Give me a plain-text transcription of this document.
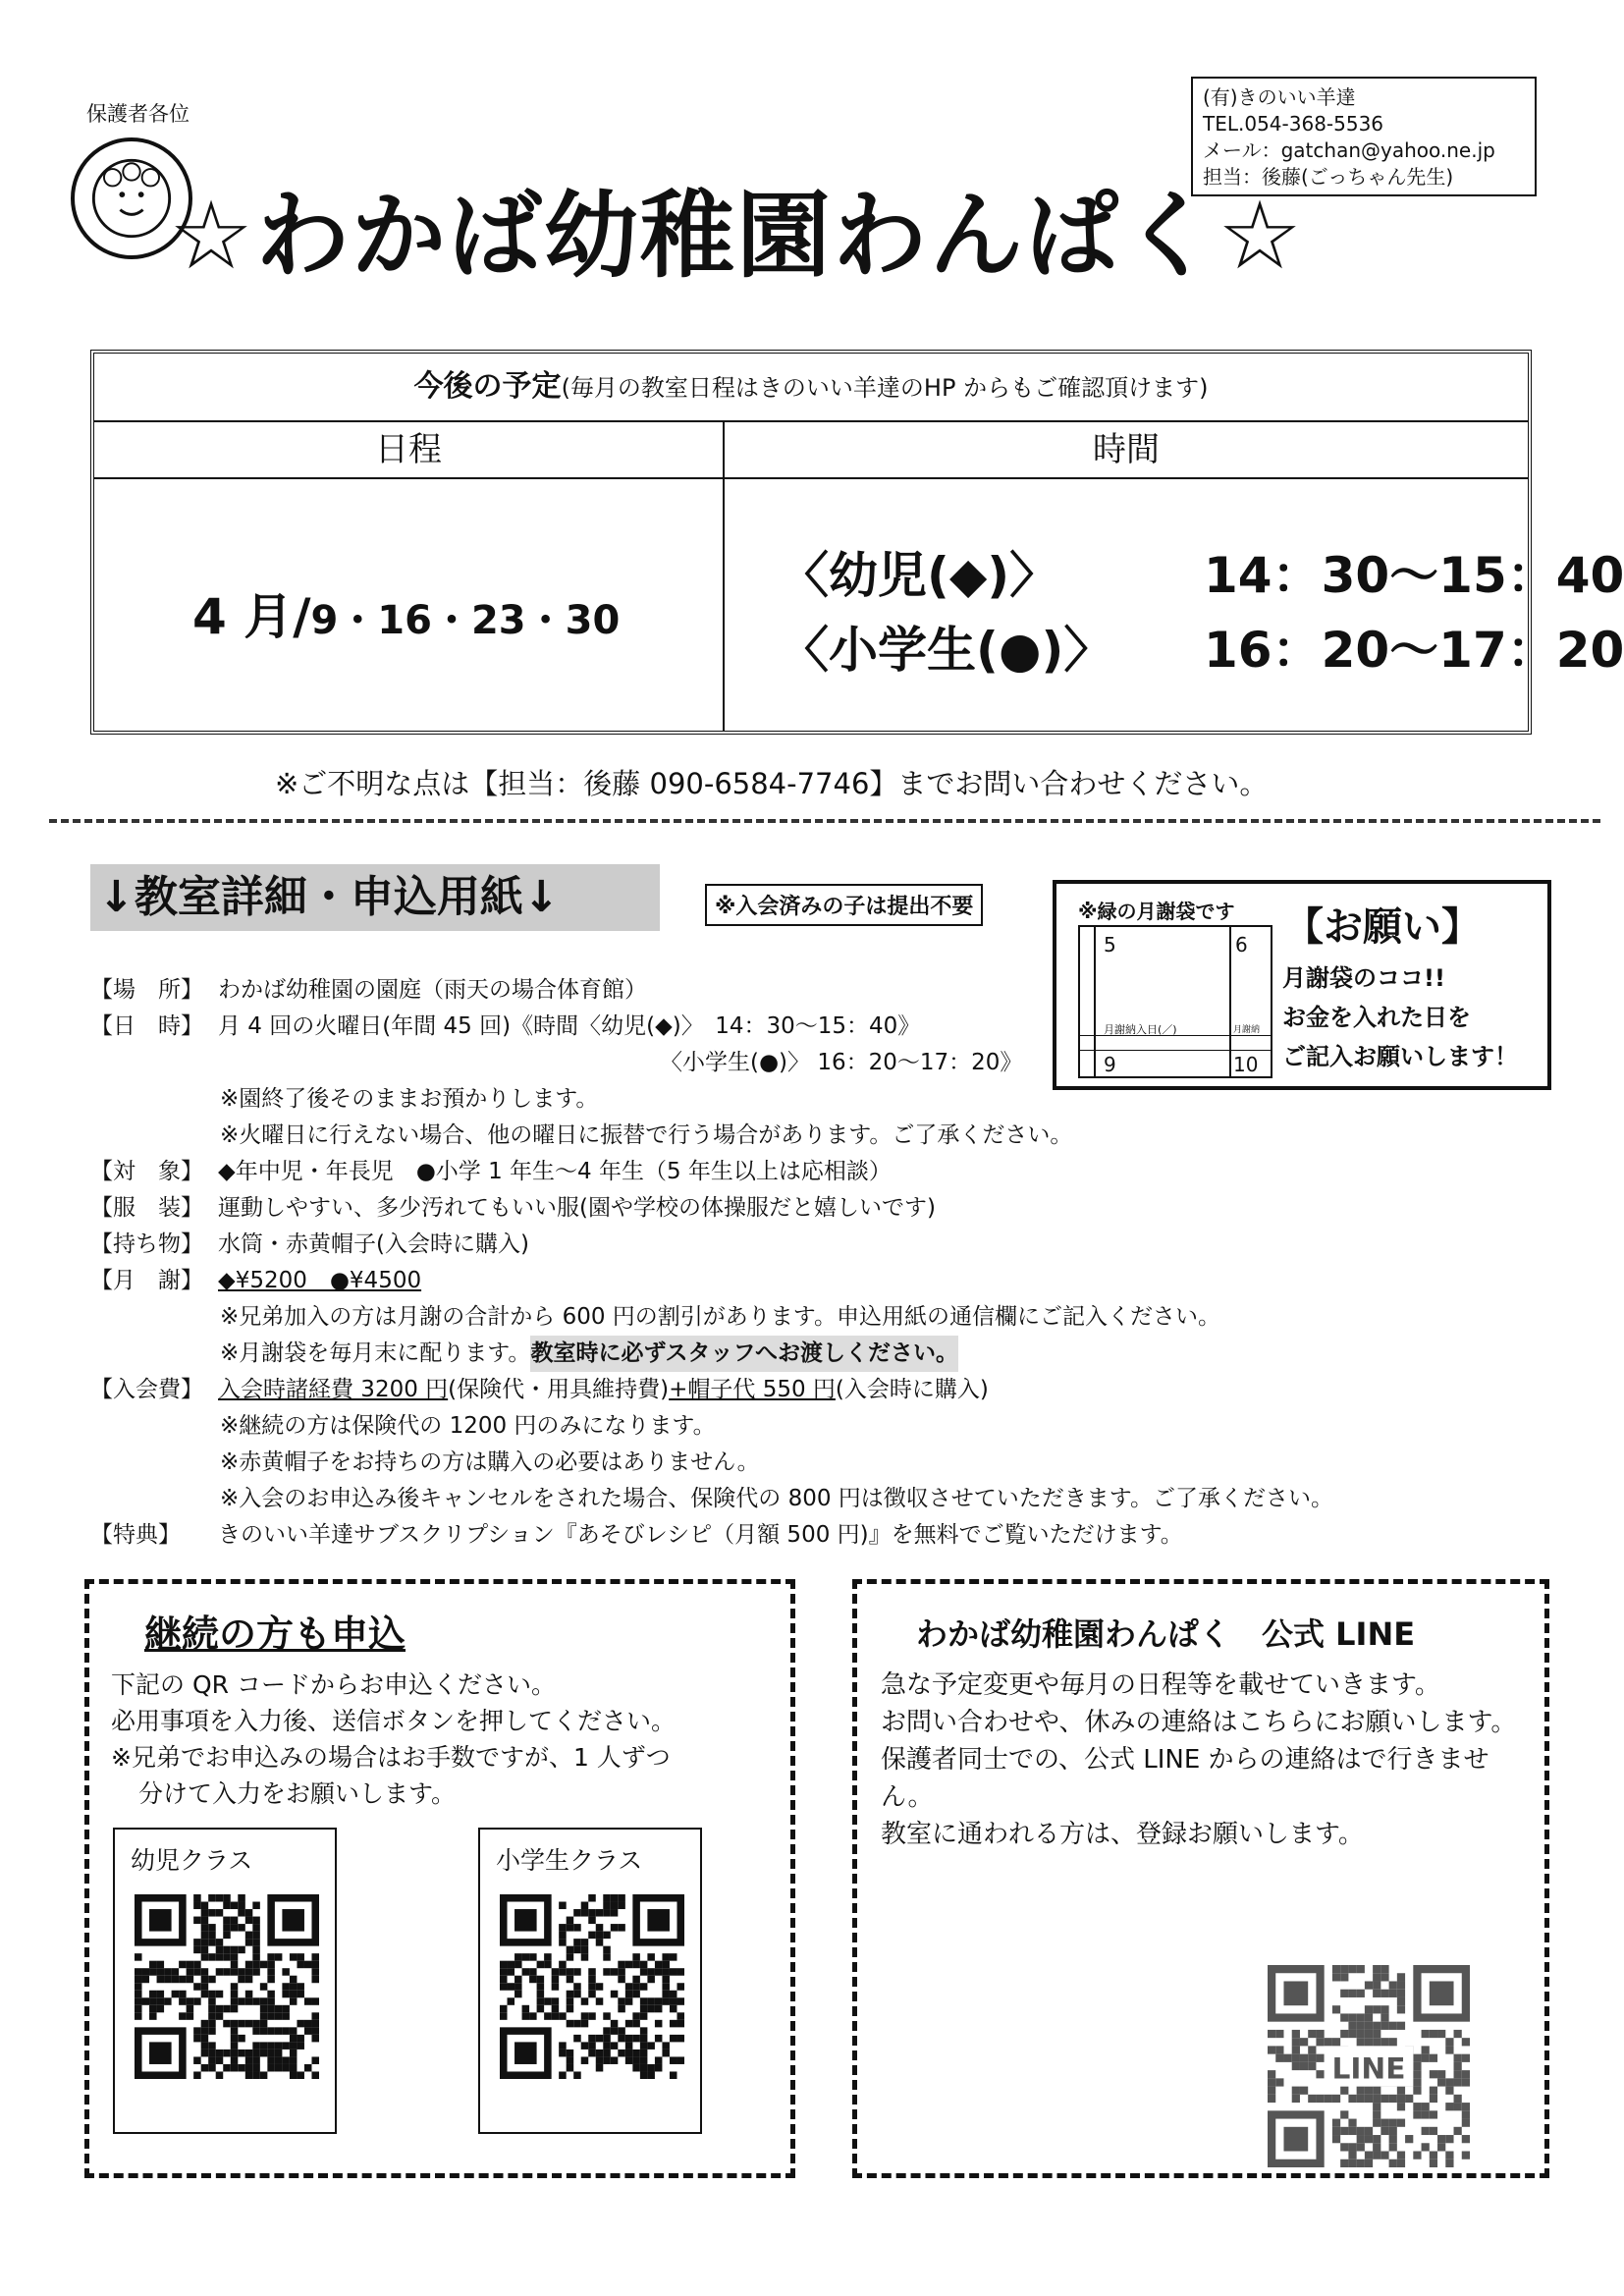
保護者各位
☆わかば幼稚園わんぱく☆
(有)きのいい羊達
TEL.054-368-5536
メール：gatchan@yahoo.ne.jp
担当：後藤(ごっちゃん先生)
今後の予定(毎月の教室日程はきのいい羊達のHP からもご確認頂けます)
日程	時間
4 月/9・16・23・30
〈幼児(◆)〉	14：30～15：40
〈小学生(●)〉 16：20～17：20
※ご不明な点は【担当：後藤 090-6584-7746】までお問い合わせください。
↓教室詳細・申込用紙↓	※入会済みの子は提出不要	※緑の月謝袋です
5	6
9	10
月謝納入日(／)	月謝納
【お願い】
月謝袋のココ!!
お金を入れた日を
ご記入お願いします！
【場　所】 わかば幼稚園の園庭（雨天の場合体育館）
【日　時】 月 4 回の火曜日(年間 45 回)《時間〈幼児(◆)〉　14：30～15：40》
〈小学生(●)〉 16：20～17：20》
※園終了後そのままお預かりします。
※火曜日に行えない場合、他の曜日に振替で行う場合があります。ご了承ください。
【対　象】 ◆年中児・年長児　●小学 1 年生～4 年生（5 年生以上は応相談）
【服　装】 運動しやすい、多少汚れてもいい服(園や学校の体操服だと嬉しいです)
【持ち物】 水筒・赤黄帽子(入会時に購入)
【月　謝】 ◆¥5200　●¥4500
※兄弟加入の方は月謝の合計から 600 円の割引があります。申込用紙の通信欄にご記入ください。
※月謝袋を毎月末に配ります。 教室時に必ずスタッフへお渡しください。
【入会費】 入会時諸経費 3200 円 (保険代・用具維持費) +帽子代 550 円 (入会時に購入)
※継続の方は保険代の 1200 円のみになります。
※赤黄帽子をお持ちの方は購入の必要はありません。
※入会のお申込み後キャンセルをされた場合、保険代の 800 円は徴収させていただきます。ご了承ください。
【特典】	きのいい羊達サブスクリプション『あそびレシピ（月額 500 円)』を無料でご覧いただけます。
継続の方も申込
下記の QR コードからお申込ください。
必用事項を入力後、送信ボタンを押してください。
※兄弟でお申込みの場合はお手数ですが、1 人ずつ
分けて入力をお願いします。
幼児クラス	小学生クラス
わかば幼稚園わんぱく　公式 LINE
急な予定変更や毎月の日程等を載せていきます。
お問い合わせや、休みの連絡はこちらにお願いします。
保護者同士での、公式 LINE からの連絡はで行きません。
教室に通われる方は、登録お願いします。
LINE
